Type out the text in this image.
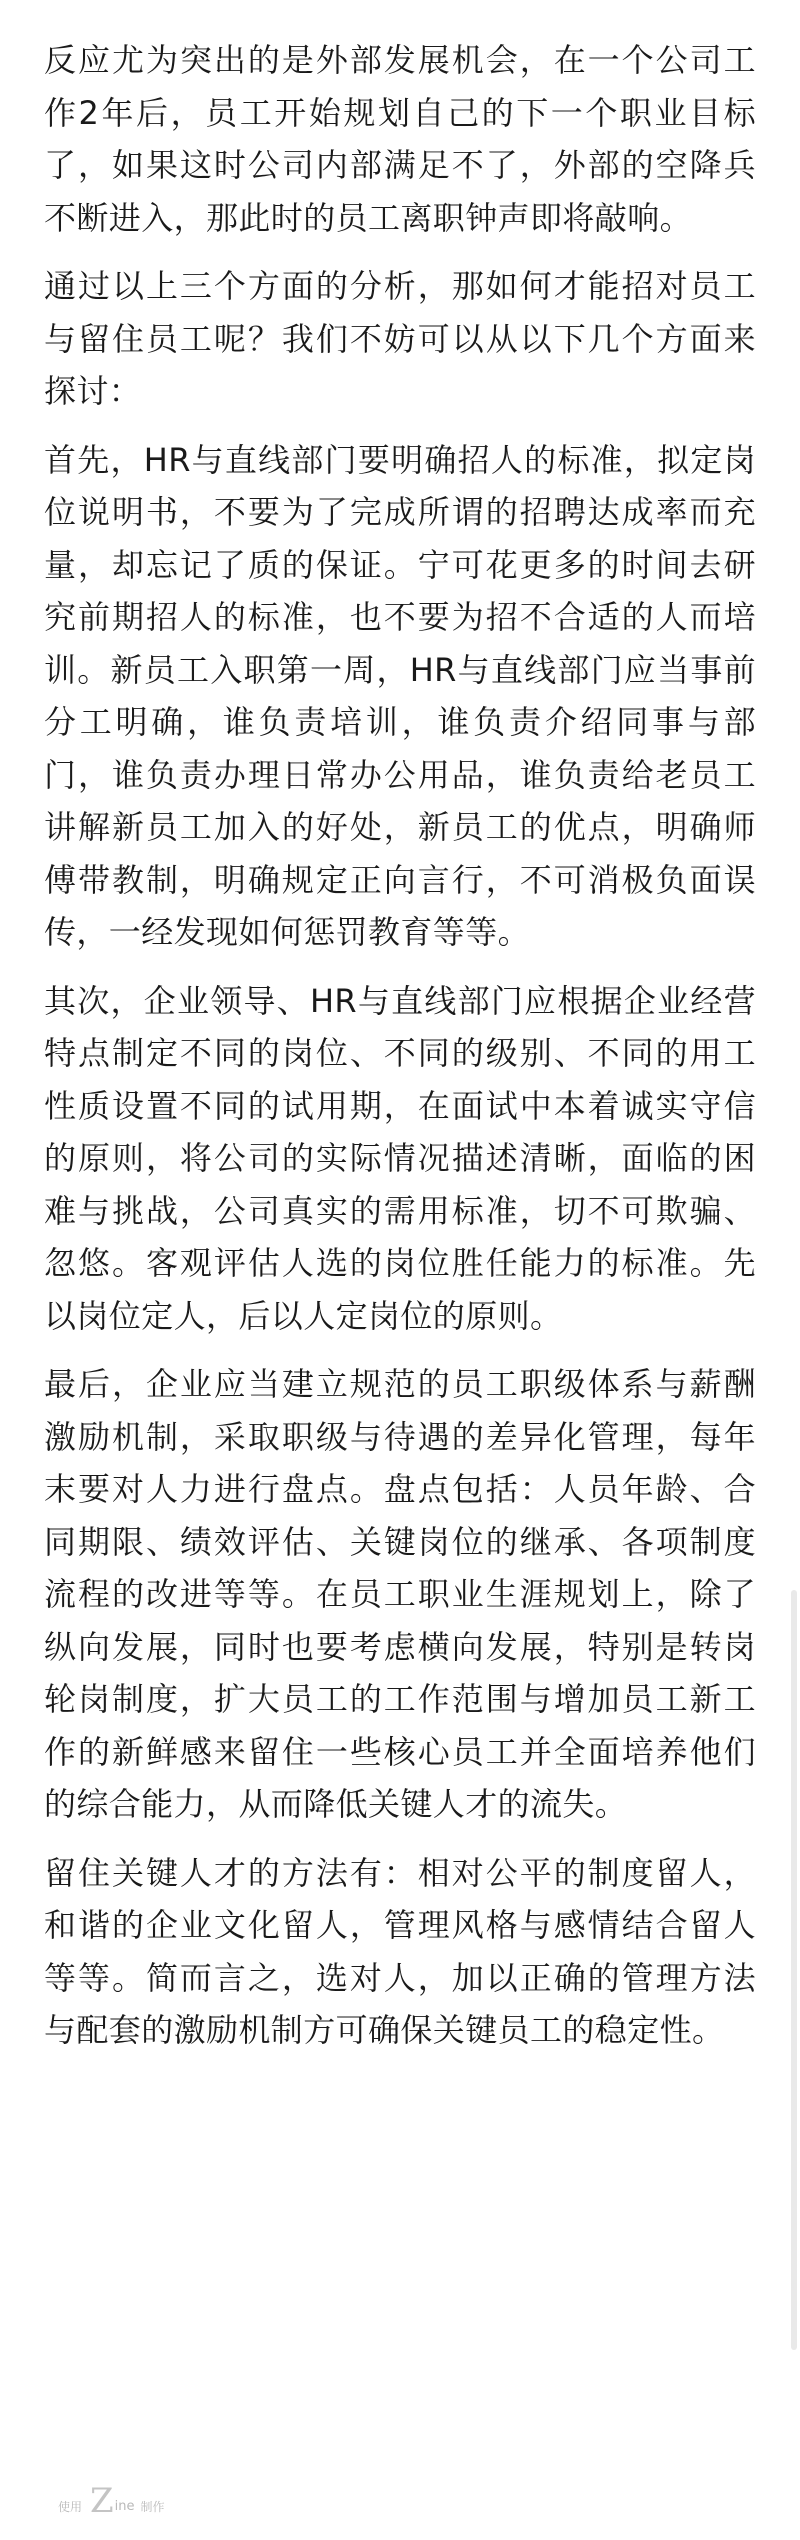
反应尤为突出的是外部发展机会，在一个公司工作2年后，员工开始规划自己的下一个职业目标了，如果这时公司内部满足不了，外部的空降兵不断进入，那此时的员工离职钟声即将敲响。

通过以上三个方面的分析，那如何才能招对员工与留住员工呢？我们不妨可以从以下几个方面来探讨：

首先，HR与直线部门要明确招人的标准，拟定岗位说明书，不要为了完成所谓的招聘达成率而充量，却忘记了质的保证。宁可花更多的时间去研究前期招人的标准，也不要为招不合适的人而培训。新员工入职第一周，HR与直线部门应当事前分工明确，谁负责培训，谁负责介绍同事与部门，谁负责办理日常办公用品，谁负责给老员工讲解新员工加入的好处，新员工的优点，明确师傅带教制，明确规定正向言行，不可消极负面误传，一经发现如何惩罚教育等等。

其次，企业领导、HR与直线部门应根据企业经营特点制定不同的岗位、不同的级别、不同的用工性质设置不同的试用期，在面试中本着诚实守信的原则，将公司的实际情况描述清晰，面临的困难与挑战，公司真实的需用标准，切不可欺骗、忽悠。客观评估人选的岗位胜任能力的标准。先以岗位定人，后以人定岗位的原则。

最后，企业应当建立规范的员工职级体系与薪酬激励机制，采取职级与待遇的差异化管理，每年末要对人力进行盘点。盘点包括：人员年龄、合同期限、绩效评估、关键岗位的继承、各项制度流程的改进等等。在员工职业生涯规划上，除了纵向发展，同时也要考虑横向发展，特别是转岗轮岗制度，扩大员工的工作范围与增加员工新工作的新鲜感来留住一些核心员工并全面培养他们的综合能力，从而降低关键人才的流失。

留住关键人才的方法有：相对公平的制度留人，和谐的企业文化留人，管理风格与感情结合留人等等。简而言之，选对人，加以正确的管理方法与配套的激励机制方可确保关键员工的稳定性。

使用 Z ine 制作
